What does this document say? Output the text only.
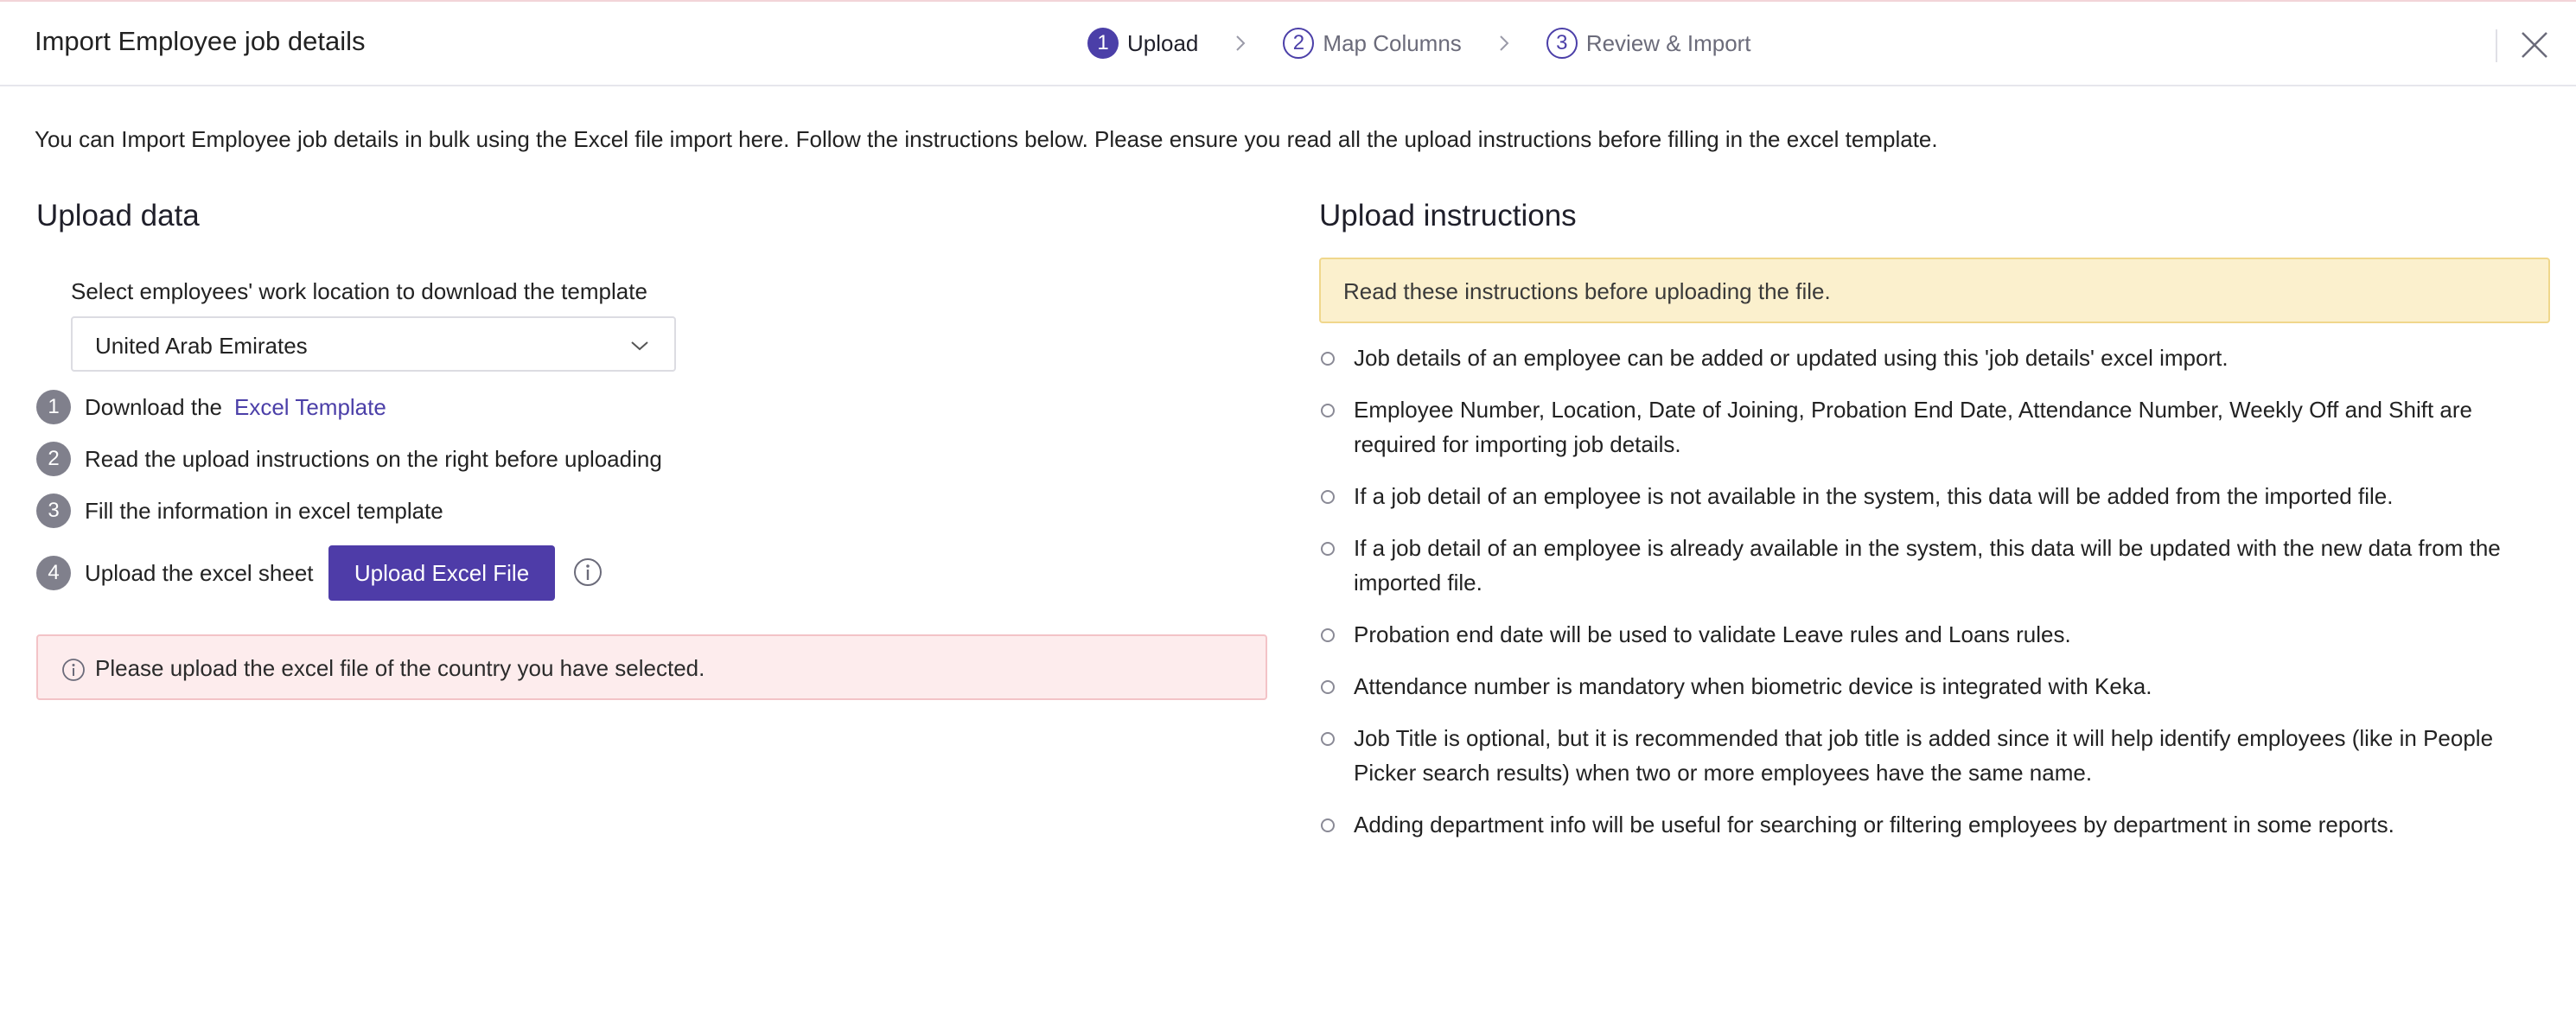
Import Employee job details	1 Upload	2 Map Columns	3 Review & Import
You can Import Employee job details in bulk using the Excel file import here. Follow the instructions below. Please ensure you read all the upload instructions before filling in the excel template.
Upload data
Select employees' work location to download the template
United Arab Emirates
1	Download the Excel Template
2	Read the upload instructions on the right before uploading
3	Fill the information in excel template
4	Upload the excel sheet	Upload Excel File
Please upload the excel file of the country you have selected.
Upload instructions
Read these instructions before uploading the file.
Job details of an employee can be added or updated using this 'job details' excel import.
Employee Number, Location, Date of Joining, Probation End Date, Attendance Number, Weekly Off and Shift are required for importing job details.
If a job detail of an employee is not available in the system, this data will be added from the imported file.
If a job detail of an employee is already available in the system, this data will be updated with the new data from the imported file.
Probation end date will be used to validate Leave rules and Loans rules.
Attendance number is mandatory when biometric device is integrated with Keka.
Job Title is optional, but it is recommended that job title is added since it will help identify employees (like in People Picker search results) when two or more employees have the same name.
Adding department info will be useful for searching or filtering employees by department in some reports.
